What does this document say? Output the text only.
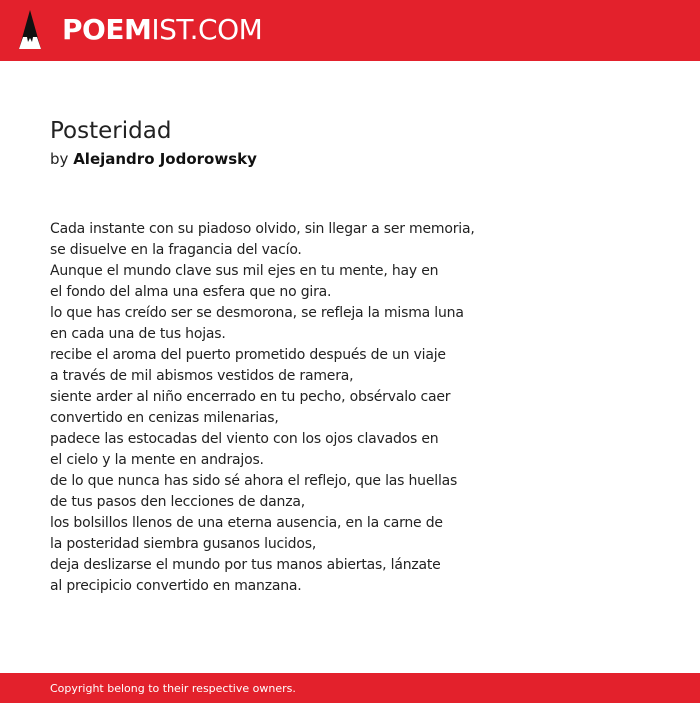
POEMIST.COM
Posteridad
by Alejandro Jodorowsky
Cada instante con su piadoso olvido, sin llegar a ser memoria,
se disuelve en la fragancia del vacío.
Aunque el mundo clave sus mil ejes en tu mente, hay en
el fondo del alma una esfera que no gira.
lo que has creído ser se desmorona, se refleja la misma luna
en cada una de tus hojas.
recibe el aroma del puerto prometido después de un viaje
a través de mil abismos vestidos de ramera,
siente arder al niño encerrado en tu pecho, obsérvalo caer
convertido en cenizas milenarias,
padece las estocadas del viento con los ojos clavados en
el cielo y la mente en andrajos.
de lo que nunca has sido sé ahora el reflejo, que las huellas
de tus pasos den lecciones de danza,
los bolsillos llenos de una eterna ausencia, en la carne de
la posteridad siembra gusanos lucidos,
deja deslizarse el mundo por tus manos abiertas, lánzate
al precipicio convertido en manzana.
Copyright belong to their respective owners.
